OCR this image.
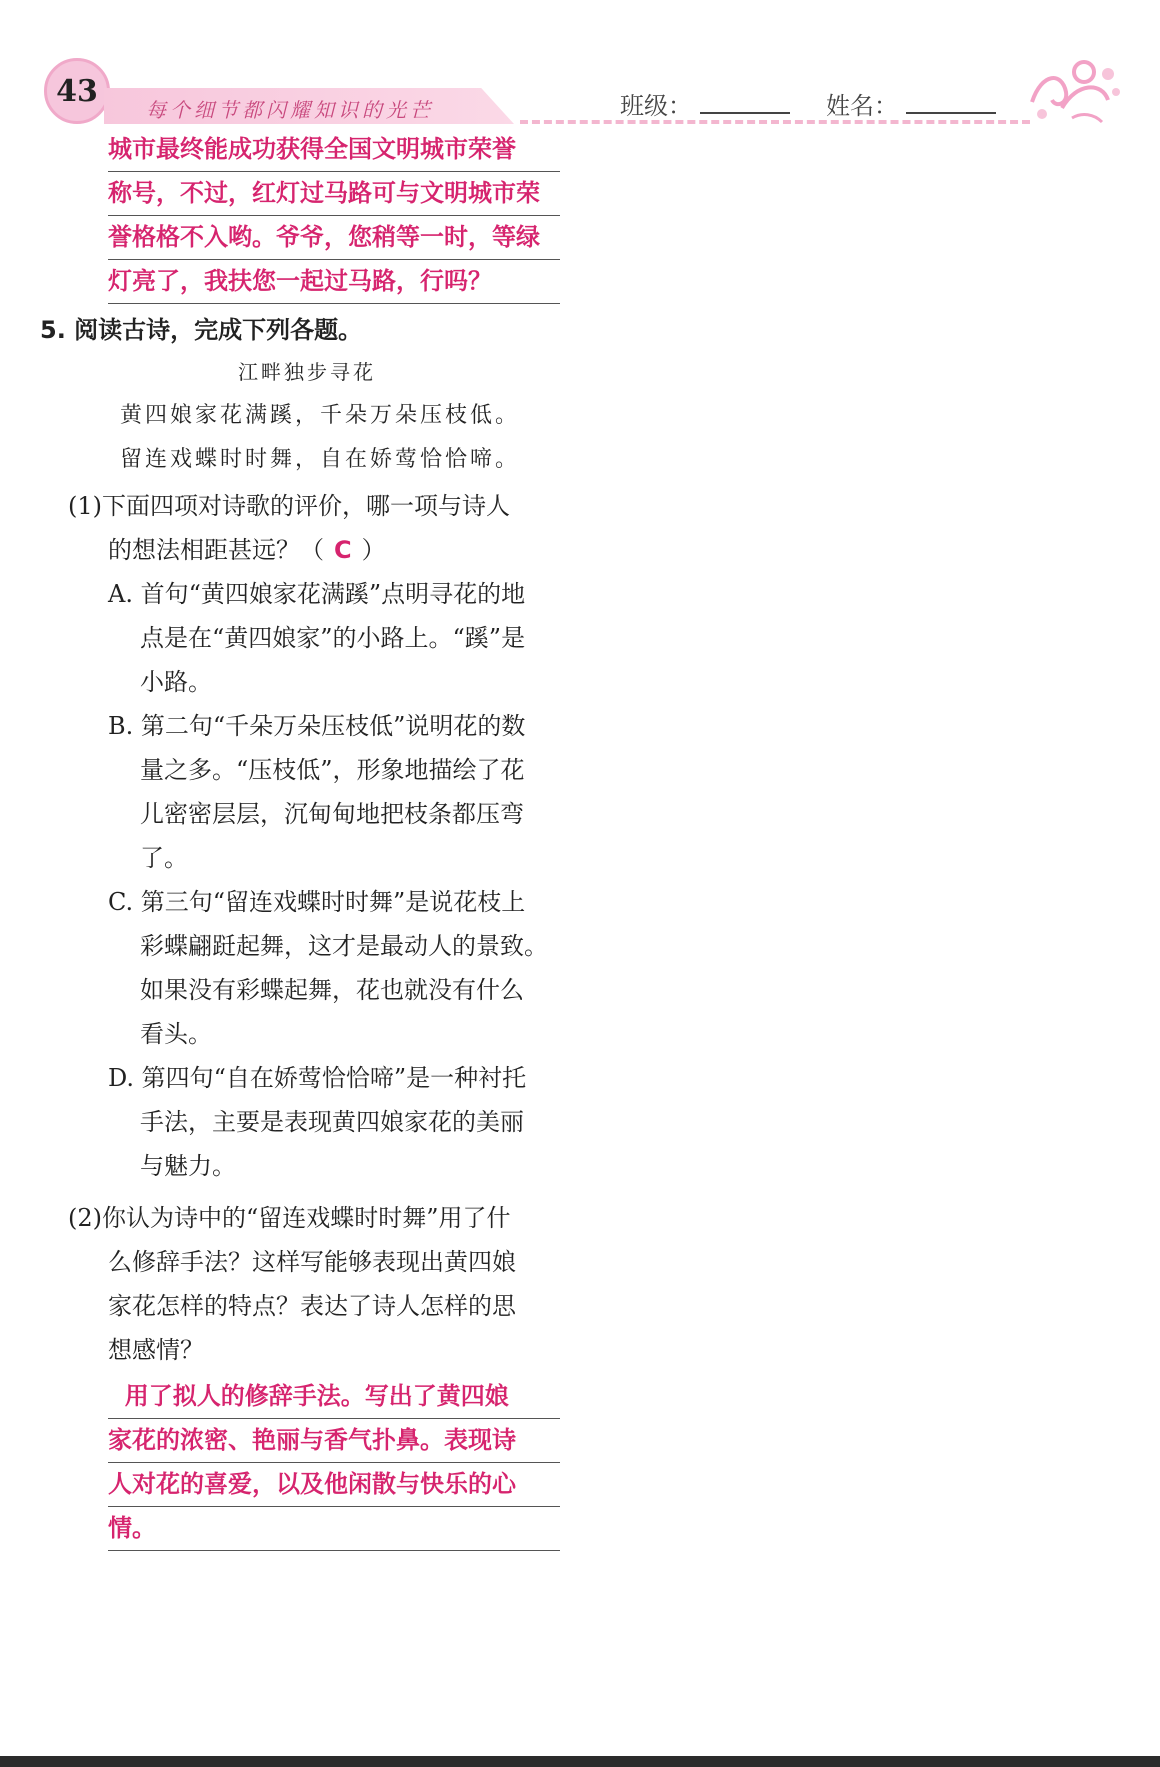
43
每个细节都闪耀知识的光芒	班级：	姓名：
城市最终能成功获得全国文明城市荣誉
称号，不过，红灯过马路可与文明城市荣
誉格格不入哟。爷爷，您稍等一时，等绿
灯亮了，我扶您一起过马路，行吗？
5. 阅读古诗，完成下列各题。
江畔独步寻花
黄四娘家花满蹊，千朵万朵压枝低。
留连戏蝶时时舞，自在娇莺恰恰啼。
(1)下面四项对诗歌的评价，哪一项与诗人
的想法相距甚远？（ C ）
A. 首句“黄四娘家花满蹊”点明寻花的地
点是在“黄四娘家”的小路上。“蹊”是
小路。
B. 第二句“千朵万朵压枝低”说明花的数
量之多。“压枝低”，形象地描绘了花
儿密密层层，沉甸甸地把枝条都压弯
了。
C. 第三句“留连戏蝶时时舞”是说花枝上
彩蝶翩跹起舞，这才是最动人的景致。
如果没有彩蝶起舞，花也就没有什么
看头。
D. 第四句“自在娇莺恰恰啼”是一种衬托
手法，主要是表现黄四娘家花的美丽
与魅力。
(2)你认为诗中的“留连戏蝶时时舞”用了什
么修辞手法？这样写能够表现出黄四娘
家花怎样的特点？表达了诗人怎样的思
想感情？
用了拟人的修辞手法。写出了黄四娘
家花的浓密、艳丽与香气扑鼻。表现诗
人对花的喜爱，以及他闲散与快乐的心
情。
